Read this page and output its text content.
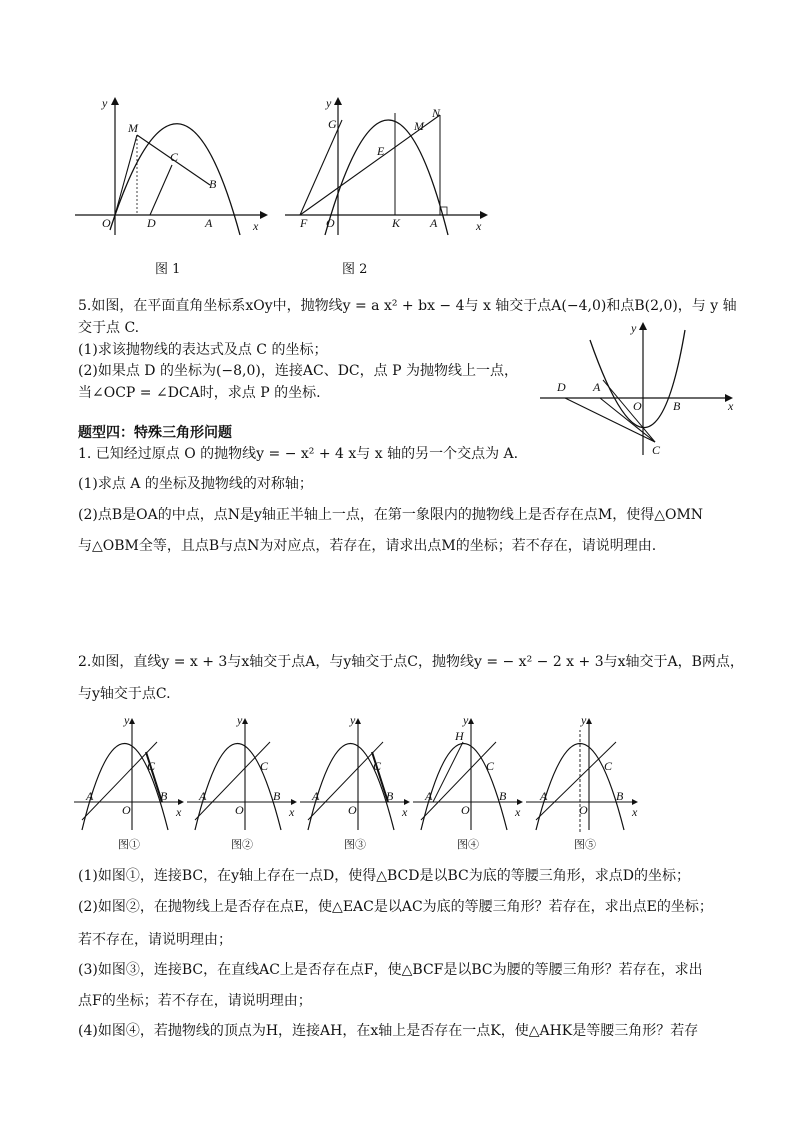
y
M
C
B
O	D	A	x
图 1
y
G
N
E
M
F O	K A	x
图 2
5.如图，在平面直角坐标系xOy中，抛物线y = a x² + bx − 4与 x 轴交于点A(−4,0)和点B(2,0)，与 y 轴
交于点 C.
(1)求该抛物线的表达式及点 C 的坐标；
(2)如果点 D 的坐标为(−8,0)，连接AC、DC，点 P 为抛物线上一点，
当∠OCP = ∠DCA时，求点 P 的坐标.
y
D A
O	B	x
C
题型四：特殊三角形问题
1. 已知经过原点 O 的抛物线y = − x² + 4 x与 x 轴的另一个交点为 A.
(1)求点 A 的坐标及抛物线的对称轴；
(2)点B是OA的中点，点N是y轴正半轴上一点，在第一象限内的抛物线上是否存在点M，使得△OMN
与△OBM全等，且点B与点N为对应点，若存在，请求出点M的坐标；若不存在，请说明理由.
2.如图，直线y = x + 3与x轴交于点A，与y轴交于点C，抛物线y = − x² − 2 x + 3与x轴交于A，B两点，
与y轴交于点C.
y
C
A
O
B
x
图①
y
C
A
O
B
x
图②
y
C
A
O
B
x
图③
y
H
C
A
O
B
x
图④
y
C
A
O
B
x
图⑤
(1)如图①，连接BC，在y轴上存在一点D，使得△BCD是以BC为底的等腰三角形，求点D的坐标；
(2)如图②，在抛物线上是否存在点E，使△EAC是以AC为底的等腰三角形？若存在，求出点E的坐标；
若不存在，请说明理由；
(3)如图③，连接BC，在直线AC上是否存在点F，使△BCF是以BC为腰的等腰三角形？若存在，求出
点F的坐标；若不存在，请说明理由；
(4)如图④，若抛物线的顶点为H，连接AH，在x轴上是否存在一点K，使△AHK是等腰三角形？若存
